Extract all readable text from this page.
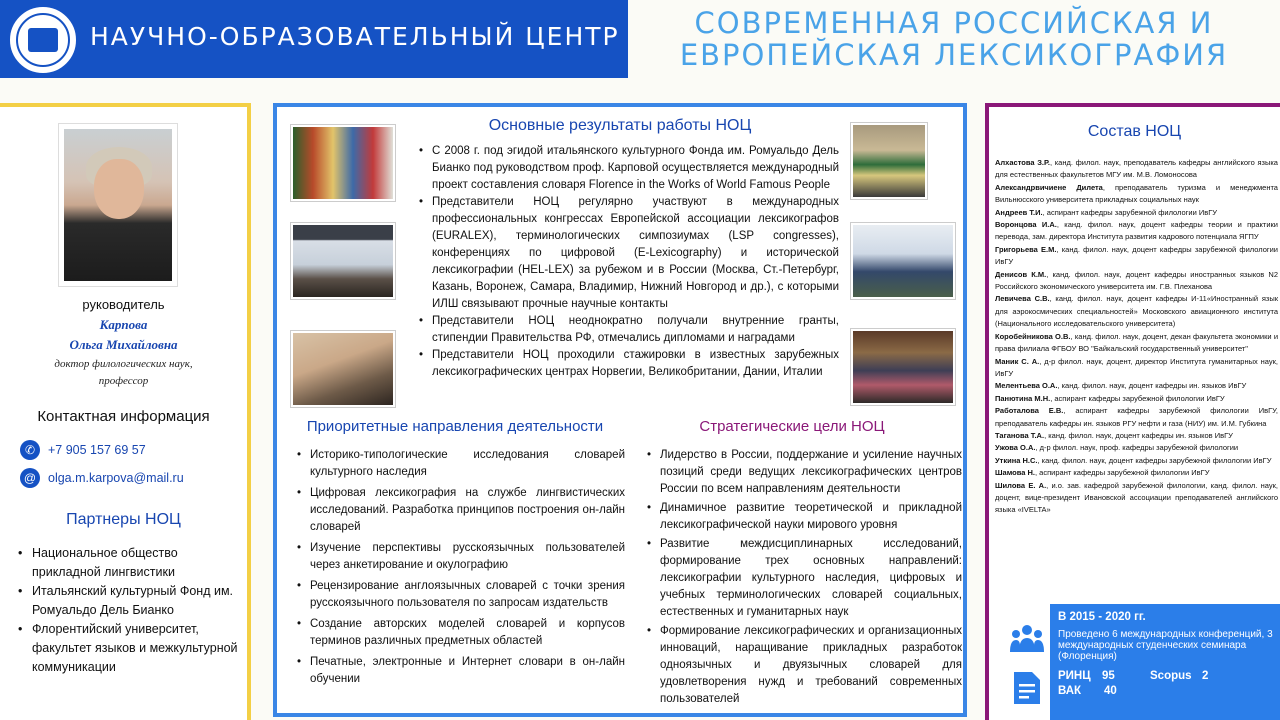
НАУЧНО-ОБРАЗОВАТЕЛЬНЫЙ ЦЕНТР	СОВРЕМЕННАЯ РОССИЙСКАЯ И
ЕВРОПЕЙСКАЯ ЛЕКСИКОГРАФИЯ
руководитель
Карпова
Ольга Михайловна
доктор филологических наук,
профессор
Контактная информация
✆	+7 905 157 69 57
@ olga.m.karpova@mail.ru
Партнеры НОЦ
• Национальное общество прикладной лингвистики
• Итальянский культурный Фонд им. Ромуальдо Дель Бианко
• Флорентийский университет, факультет языков и межкультурной коммуникации
Основные результаты работы НОЦ
• С 2008 г. под эгидой итальянского культурного Фонда им. Ромуальдо Дель Бианко под руководством проф. Карповой осуществляется международный проект составления словаря Florence in the Works of World Famous People
• Представители НОЦ регулярно участвуют в международных профессиональных конгрессах Европейской ассоциации лексикографов (EURALEX), терминологических симпозиумах (LSP congresses), конференциях по цифровой (E-Lexicography) и исторической лексикографии (HEL-LEX) за рубежом и в России (Москва, Ст.-Петербург, Казань, Воронеж, Самара, Владимир, Нижний Новгород и др.), с которыми ИЛШ связывают прочные научные контакты
• Представители НОЦ неоднократно получали внутренние гранты, стипендии Правительства РФ, отмечались дипломами и наградами
• Представители НОЦ проходили стажировки в известных зарубежных лексикографических центрах Норвегии, Великобритании, Дании, Италии
Приоритетные направления деятельности	Стратегические цели НОЦ
• Историко-типологические исследования словарей культурного наследия
• Цифровая лексикография на службе лингвистических исследований. Разработка принципов построения он-лайн словарей
• Изучение перспективы русскоязычных пользователей через анкетирование и окулографию
• Рецензирование англоязычных словарей с точки зрения русскоязычного пользователя по запросам издательств
• Создание авторских моделей словарей и корпусов терминов различных предметных областей
• Печатные, электронные и Интернет словари в он-лайн обучении
• Лидерство в России, поддержание и усиление научных позиций среди ведущих лексикографических центров России по всем направлениям деятельности
• Динамичное развитие теоретической и прикладной лексикографической науки мирового уровня
• Развитие междисциплинарных исследований, формирование трех основных направлений: лексикографии культурного наследия, цифровых и учебных терминологических словарей социальных, естественных и гуманитарных наук
• Формирование лексикографических и организационных инноваций, наращивание прикладных разработок одноязычных и двуязычных словарей для удовлетворения нужд и требований современных пользователей
Состав НОЦ

Алхастова З.Р., канд. филол. наук, преподаватель кафедры английского языка для естественных факультетов МГУ им. М.В. Ломоносова

Александрвичиене Дилета, преподаватель туризма и менеджмента Вильнюсского университета прикладных социальных наук

Андреев Т.И., аспирант кафедры зарубежной филологии ИвГУ

Воронцова И.А., канд. филол. наук, доцент кафедры теории и практики перевода, зам. директора Института развития кадрового потенциала ЯГПУ

Григорьева Е.М., канд. филол. наук, доцент кафедры зарубежной филологии ИвГУ

Денисов К.М., канд. филол. наук, доцент кафедры иностранных языков N2 Российского экономического университета им. Г.В. Плеханова

Левичева С.В., канд. филол. наук, доцент кафедры И-11«Иностранный язык для аэрокосмических специальностей» Московского авиационного института (Национального исследовательского университета)

Коробейникова О.В., канд. филол. наук, доцент, декан факультета экономики и права филиала ФГБОУ ВО "Байкальский государственный университет"

Маник С. А., д-р филол. наук, доцент, директор Института гуманитарных наук, ИвГУ

Мелентьева О.А., канд. филол. наук, доцент кафедры ин. языков ИвГУ

Панютина М.Н., аспирант кафедры зарубежной филологии ИвГУ

Работалова Е.В., аспирант кафедры зарубежной филологии ИвГУ, преподаватель кафедры ин. языков РГУ нефти и газа (НИУ) им. И.М. Губкина

Таганова Т.А., канд. филол. наук, доцент кафедры ин. языков ИвГУ

Ужова О.А., д-р филол. наук, проф. кафедры зарубежной филологии

Уткина Н.С., канд. филол. наук, доцент кафедры зарубежной филологии ИвГУ

Шамова Н., аспирант кафедры зарубежной филологии ИвГУ

Шилова Е. А., и.о. зав. кафедрой зарубежной филологии, канд. филол. наук, доцент, вице-президент Ивановской ассоциации преподавателей английского языка «IVELTA»

В 2015 - 2020 гг.
Проведено 6 международных конференций, 3 международных студенческих семинара (Флоренция)
РИНЦ 95	Scopus 2
ВАК 40
